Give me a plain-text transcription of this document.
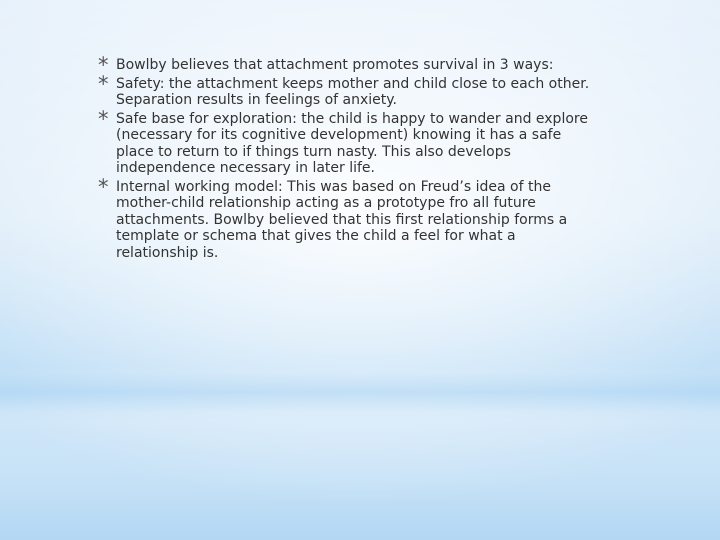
* Bowlby believes that attachment promotes survival in 3 ways:
* Safety: the attachment keeps mother and child close to each other. Separation results in feelings of anxiety.
* Safe base for exploration: the child is happy to wander and explore (necessary for its cognitive development) knowing it has a safe place to return to if things turn nasty. This also develops independence necessary in later life.
* Internal working model: This was based on Freud’s idea of the mother-child relationship acting as a prototype fro all future attachments. Bowlby believed that this first relationship forms a template or schema that gives the child a feel for what a relationship is.
